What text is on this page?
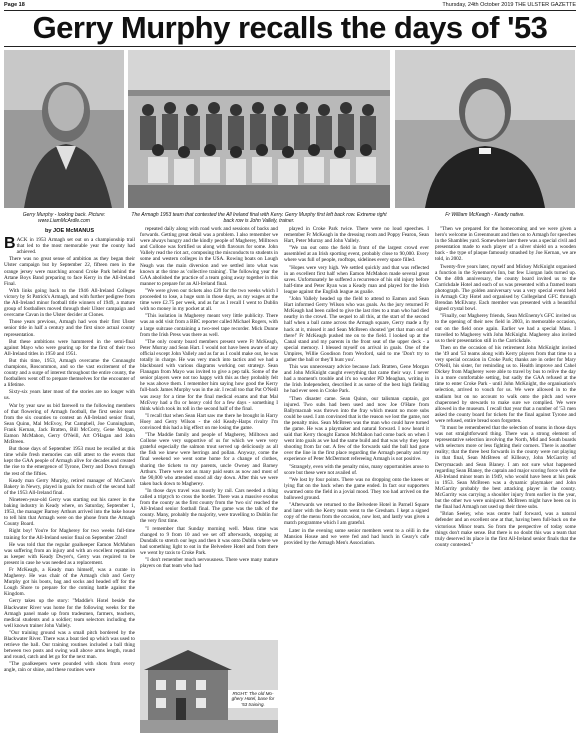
Page 18	Thursday, 24th October 2019 THE ULSTER GAZETTE
Gerry Murphy recalls the days of '53
Gerry Murphy - looking back. Picture: www.LiamMcArdle.com
The Armagh 1953 team that contested the All Ireland final with Kerry. Gerry Murphy first left back row. Extreme right back row is John Vallely, trainer.
Fr William McKeagh - Keady native.
by JOE McMANUS

BACK in 1953 Armagh set out on a championship trail that led to the most memorable year the county had achieved.

There was no great sense of ambition as they began their Ulster campaign but by September 22, fifteen men in the orange jersey were marching around Croke Park behind the Artane Boys Band preparing to face Kerry in the All-Ireland Final.

With links going back to the 1946 All-Ireland Colleges victory by St Patrick's Armagh, and with further pedigree from the All-Ireland minor football title winners of 1949, a mature group of footballers moved through their Ulster campaign and overcame Cavan in the Ulster decider at Clones.

Those years previous, Armagh had won their first Ulster senior title in half a century and the first since actual county representation.

But these ambitions were hammered in the semi-final against Mayo who were gearing up for the first of their two All-Ireland titles in 1950 and 1951.

But this time, 1953, Armagh overcame the Connaught champions, Roscommon, and so the vast excitement of the county and a surge of interest throughout the entire county, the footballers went off to prepare themselves for the encounter of a lifetime.

Sixty-six years later most of the stories are no longer with us.

War by year saw us bid farewell to the following members of that flowering of Armagh football, the first senior team from the six counties to contest an All-Ireland senior final, Sean Quinn, Mal McEvoy, Pat Campbell, Joe Cunningham, Frank Kernan, Jack Bratten, Bill McCorry, Gene Morgan, Eamon McMahon, Gerry O'Neill, Art O'Hagan and John McBreen.

But those days of September 1953 must be recalled at this time while fresh memories can still attest to the events that kept the GAA people of Armagh alive for decades and created the rise to the emergence of Tyrone, Derry and Down through the rest of the fifties.

Keady man Gerry Murphy, retired manager of McCann's Bakery in Newry, played in goals for much of the second half of the 1953 All-Ireland final.

Nineteen-year-old Gerry was starting out his career in the baking industry in Keady where, on Saturday, September 1, 1953, the manager Barney Arthurs arrived into the bake house to tell him that Armagh were on the phone from the Armagh County Board.

Right boy! You're for Magherey for two weeks full-time training for the All-Ireland senior final on September 22nd!

He was told that the regular goalkeeper Eamon McMahon was suffering from an injury and with an excellent reputation as keeper with Keady Dwyer's, Gerry was required to be present in case he was needed as a replacement.

Fr McKeagh, a Keady man himself, was a curate in Magherey. He was chair of the Armagh club and Gerry Murphy got his boots, bag and socks and headed off for the Lough Shore to prepare for the coming battle against the Kingdom.

Gerry takes up the story: "Maddie's Hotel beside the Blackwater River was home for the following weeks for the Armagh panel made up from tradesmen, farmers, teachers, medical students and a soldier; team selectors including the well known trainer John Vallely.

"Our training ground was a small pitch bordered by the Blackwater River. There was a boat tied up which was used to retrieve the ball. Our training routines included a ball thing between two posts and swing wall above arms length, round and round, catch and let go for the next man.

"The goalkeepers were pounded with shots from every angle, rain or shine, and these routines were

repeated daily along with road work and sessions of backs and forwards. Getting great detail was a problem. I also remember we were always hungry and the kindly people of Magherey, Milltown and Collone was fortified us along with flavours for some. John Vallely read the riot act, composing the misconducts to students in some and western colleges in the USA. Rowing boats on Lough Neagh was the main diversion and we settled into what was known at the time as 'collective training'. The following year the GAA abolished the practice of a team going away together in this manner to prepare for an All-Ireland final.

"We were given our tickets also £20 for the two weeks which I proceeded to lose, a huge sum in those days, as my wages at the time were £2.75 per week, and as far as I recall I went to Dublin with no money in my pocket at all.

"This isolation in Magherey meant very little publicity. There was an odd visit from a BBC reporter called Michael Rogers, with a large suitcase containing a two-reel tape recorder. Mick Dunne from the Irish Press was there as well.

"The only county board members present were Fr McKeagh, Peter Murray and Sean Hart. I would not have been aware of any official except John Vallely and as far as I could make out, he was totally in charge. He was very much into tactics and we had a blackboard with various diagrams working out strategy. Sean Flanagan from Mayo was invited to give a pep talk. Some of the senior players were not too happy with this as they probably felt he was above them. I remember him saying how good the Kerry full-back James Murphy was in the air. I recall too that Pat O'Neill was away for a time for the final medical exams and that Mal McEvoy had a flu or heavy cold for a few days - something I think which took its toll in the second half of the final.

"I recall that when Sean Hart saw me there he brought in Harry Hoey and Gerry Wilson - the old Keady-Harps rivalry I'm convinced this had a big effect on me losing the game.

"The Maddie family and people of Magherey, Milltown and Collone were very supportive of us for which we were very grateful especially the salmon trout served up deliciously as all the fish we knew were herrings and pollan. Anyway, come the final weekend we went some home for a change of clothes, sharing the tickets to my parents, uncle Owney and Barney Arthurs. There were not as many paid seats as now and most of the 90,000 who attended stood all day down. After this we were taken back down to Magherey.

"In those days travel was mostly by rail. Cars needed a thing called a triptych to cross the border. There was a massive exodus from the county as the first county from the 'two six' reached the All-Ireland senior football final. The game was the talk of the county. Many, probably the majority, were travelling to Dublin for the very first time.

"I remember that Sunday morning well. Mass time was changed to 9 from 10 and we set off afterwards, stopping at Dundalk to stretch our legs and then it was onto Dublin where we had something light to eat in the Belvedere Hotel and from there we went by taxis to Croke Park.

"I don't remember much nervousness. There were many mature players on that team who had

RIGHT: The old Mo-ghery Hotel, base for '53 training.

played in Croke Park twice. There were no loud speeches. I remember Fr McKeagh in the dressing room and Poppy Fearon, Sean Hart, Peter Murray and John Vallely.

"We ran out onto the field in front of the largest crowd ever assembled at an Irish sporting event, probably close to 90,000. Every where was full of people, rooftops, sidelines every space filled.

"Hopes were very high. We settled quickly and that was reflected in an excellent first half when Eamon McMahon made several great saves. Unfortunately he suffered a recurrence of his old injury before half-time and Peter Ryan was a Keady man and played for the Irish league against the English league as goalie.

"John Vallely headed up the field to attend to Eamon and Sean Hart informed Gerry Wilson who was goals. As the jury returned Fr McKeagh had been called to give the last rites to a man who had died nearby in the crowd. The sequel to all this, at the start of the second half when a ball came across the Armagh square, Gerry made a fly hack at it, missed it and Sean McBreen shouted 'get that man out of there!' Fr McKeagh pushed me on to the field. I looked up at the Canal stand and my parents in the front seat of the upper deck - a special memory. I blessed myself on arrival in goals. One of the Umpires, Willie Goodison from Wexford, said to me 'Don't try to gather the ball or they'll hunt you'.

This was unnecessary advice because Jack Bratten, Gene Morgan and John McKnight caught everything that came their way. I never had a moment's trouble and it's no wonder PD Meaghan, writing in the Irish Independent, described it as some of the best high fielding he had ever seen in Croke Park.

"Then disaster came. Sean Quinn, our talisman captain, got injured. Two subs had been used and now Joe O'Hare from Ballymacnab was thrown into the fray which meant no more subs could be used. I am convinced that is the reason we lost the game, not the penalty miss. Sean McBreen was the man who could have turned the game. He was a playmaker and natural forward. I now heard it said that Kerry thought Eamon McMahon had come back on when I went into goals as we had the same build and that was why they kept shooting from far out. A few of the forwards said the ball had gone over the line in the first place regarding the Armagh penalty and my experience of Peter McDermott refereeing Armagh is not positive.

"Strangely, even with the penalty miss, many opportunities arose to score but these were not availed of.

"We lost by four points. There was no dropping onto the knees or lying flat on the back when the game ended. In fact our supporters swarmed onto the field in a jovial mood. They too had arrived on the ballowed ground.

"Afterwards we returned to the Belvedere Hotel in Parnell Square and later with the Kerry team went to the Gresham. I kept a signed copy of the menu from the occasion, now lost, and lastly was given a match programme which I am grateful.

Later in the evening some senior members went to a céili in the Mansion House and we were fed and had lunch in Geary's cafe provided by the Armagh Men's Association.

"Then we prepared for the homecoming and we were given a hero's welcome in Greenmount and then on to Armagh for speeches in the Shambles yard. Somewhere later there was a special civil and presentation made to each player of a silver shield on a wooden back - the type of plaque famously smashed by Joe Kernan, we are told, in 2002.

Twenty-five years later, myself and Mickey McKnight organised a function in the Synemore's Inn, but few Liorgan lads turned up. On the 40th anniversary, the county board invited us to the Carrickdale Hotel and each of us was presented with a framed team photograph. The golden anniversary was a very special event held in Armagh City Hotel and organised by Collegeland GFC through Brendan McElvany. Each member was presented with a beautiful signed crystal bowl.

"Finally, our Magherey friends, Sean McEnemy's GFC invited us to the opening of their new field in 2003, in memorable occasion, out on the field once again. Earlier we had a special Mass. I travelled to Magherey with John McKnight. Magherey also invited us to their presentation still in the Carrickdale.

Then on the occasion of his retirement John McKnight invited the '49 and '53 teams along with Kerry players from that time to a very special occasion in Croke Park; thanks are in order for Mary O'Neill, his sister, for reminding us to. Health improve and Cahel Dickey from Magherey were able to travel by bus to relive the day in a more comfortable setting, but sadly the GAA refused at the time to enter Croke Park - until John McKnight, the organisation's selection, arrived to vouch for us. We were allowed in to the stadium but on no account to walk onto the pitch and were chaperoned by stewards to make sure we complied. We were allowed in the museum. I recall that year that a number of '53 men asked the county board for tickets for the final against Tyrone and were refused, entire bread soon forgotten.

"It must be remembered that the selection of teams in those days was not straightforward thing. There was a strong element of representative selection involving the North, Mid and South boards with selectors more or less fighting their corners. There is another reality; that the three best forwards in the county were not playing in that final, Sean McBreen of Killeavy, John McGarrity of Derrymacash and Sean Blaney. I am not sure what happened regarding Sean Blaney, the captain and major scoring force with the All-Ireland minor team in 1949, who would have been at his peak in 1953. Sean McBreen was a dynamic playmaker and John McGarrity probably the best attacking player in the county. McGarrity was carrying a shoulder injury from earlier in the year, but the other two were uninjured. McBreen might have been on in the final had Armagh not used up their three subs.

"Brian Seeley, who was centre half forward, was a natural defender and an excellent one at that, having been full-back on the victorious Minor team. So from the perspective of today some things don't make sense. But there is no doubt this was a team that truly deserved its place in the first All-Ireland senior finals that the county contested."
